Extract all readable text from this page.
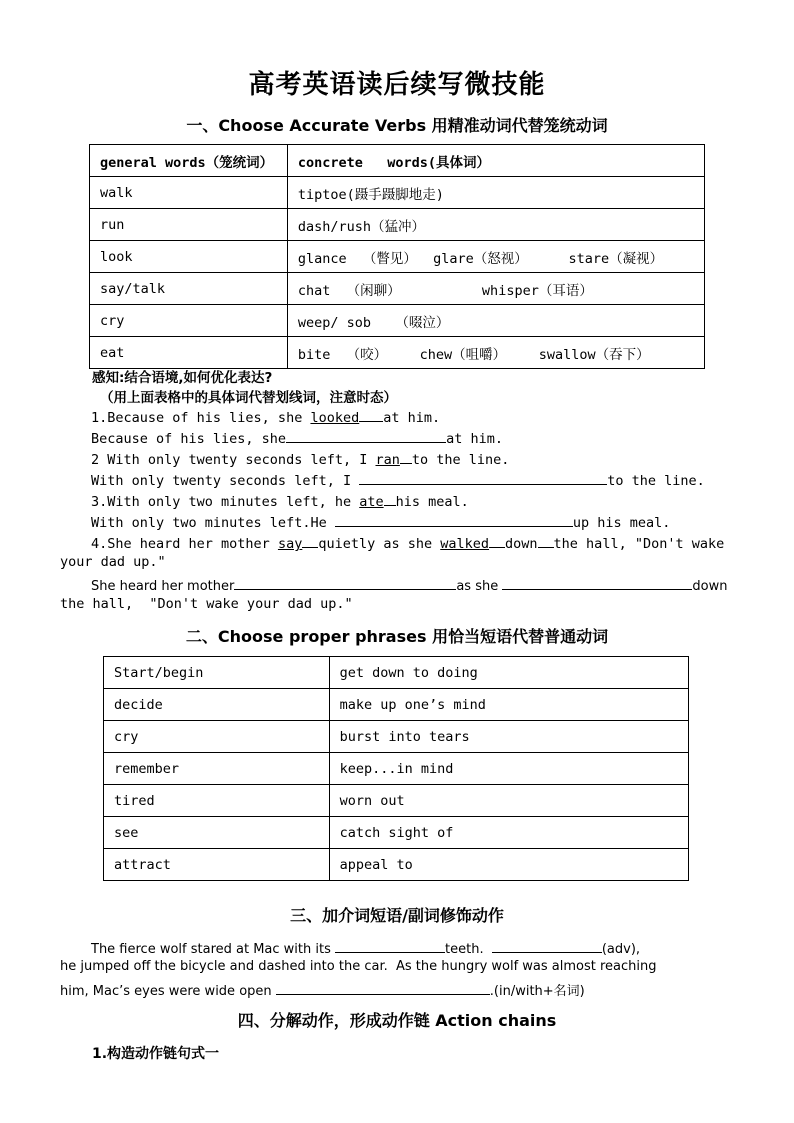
高考英语读后续写微技能
一、Choose Accurate Verbs 用精准动词代替笼统动词
general words（笼统词）	concrete   words(具体词）
walk	tiptoe(蹑手蹑脚地走)
run	dash/rush（猛冲）
look	glance  （瞥见）  glare（怒视）     stare（凝视）
say/talk	chat  （闲聊）          whisper（耳语）
cry	weep/ sob   （啜泣）
eat	bite  （咬）    chew（咀嚼）    swallow（吞下）
感知:结合语境,如何优化表达?
（用上面表格中的具体词代替划线词，注意时态）
1.Because of his lies, she looked at him.
Because of his lies, she	at him.
2 With only twenty seconds left, I ran to the line.
With only twenty seconds left, I	to the line.
3.With only two minutes left, he ate his meal.
With only two minutes left.He	up his meal.
4.She heard her mother say quietly as she walked down the hall, "Don't wake
your dad up."
She heard her mother	as she	down
the hall,  "Don't wake your dad up."
二、Choose proper phrases 用恰当短语代替普通动词
Start/begin	get down to doing
decide	make up one’s mind
cry	burst into tears
remember	keep...in mind
tired	worn out
see	catch sight of
attract	appeal to
三、加介词短语/副词修饰动作
The fierce wolf stared at Mac with its	teeth.	(adv),
he jumped off the bicycle and dashed into the car.  As the hungry wolf was almost reaching
him, Mac’s eyes were wide open	.(in/with+名词)
四、分解动作，形成动作链 Action chains
1.构造动作链句式一
